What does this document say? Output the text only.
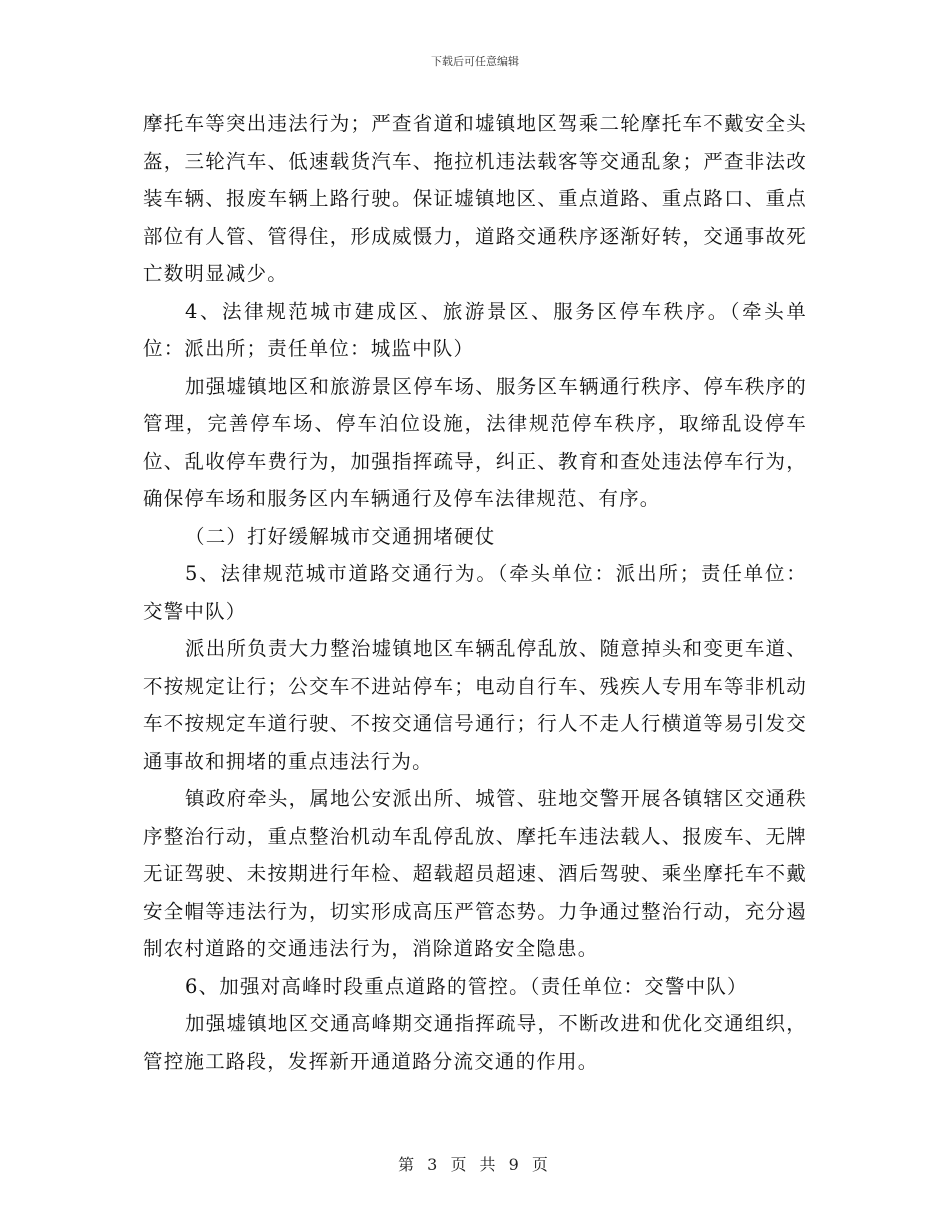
下载后可任意编辑

摩托车等突出违法行为；严查省道和墟镇地区驾乘二轮摩托车不戴安全头盔，三轮汽车、低速载货汽车、拖拉机违法载客等交通乱象；严查非法改装车辆、报废车辆上路行驶。保证墟镇地区、重点道路、重点路口、重点部位有人管、管得住，形成威慑力，道路交通秩序逐渐好转，交通事故死亡数明显减少。

4、法律规范城市建成区、旅游景区、服务区停车秩序。（牵头单位：派出所；责任单位：城监中队）

加强墟镇地区和旅游景区停车场、服务区车辆通行秩序、停车秩序的管理，完善停车场、停车泊位设施，法律规范停车秩序，取缔乱设停车位、乱收停车费行为，加强指挥疏导，纠正、教育和查处违法停车行为，确保停车场和服务区内车辆通行及停车法律规范、有序。

（二）打好缓解城市交通拥堵硬仗

5、法律规范城市道路交通行为。（牵头单位：派出所；责任单位：交警中队）

派出所负责大力整治墟镇地区车辆乱停乱放、随意掉头和变更车道、不按规定让行；公交车不进站停车；电动自行车、残疾人专用车等非机动车不按规定车道行驶、不按交通信号通行；行人不走人行横道等易引发交通事故和拥堵的重点违法行为。

镇政府牵头，属地公安派出所、城管、驻地交警开展各镇辖区交通秩序整治行动，重点整治机动车乱停乱放、摩托车违法载人、报废车、无牌无证驾驶、未按期进行年检、超载超员超速、酒后驾驶、乘坐摩托车不戴安全帽等违法行为，切实形成高压严管态势。力争通过整治行动，充分遏制农村道路的交通违法行为，消除道路安全隐患。

6、加强对高峰时段重点道路的管控。（责任单位：交警中队）

加强墟镇地区交通高峰期交通指挥疏导，不断改进和优化交通组织，管控施工路段，发挥新开通道路分流交通的作用。

第 3 页 共 9 页
